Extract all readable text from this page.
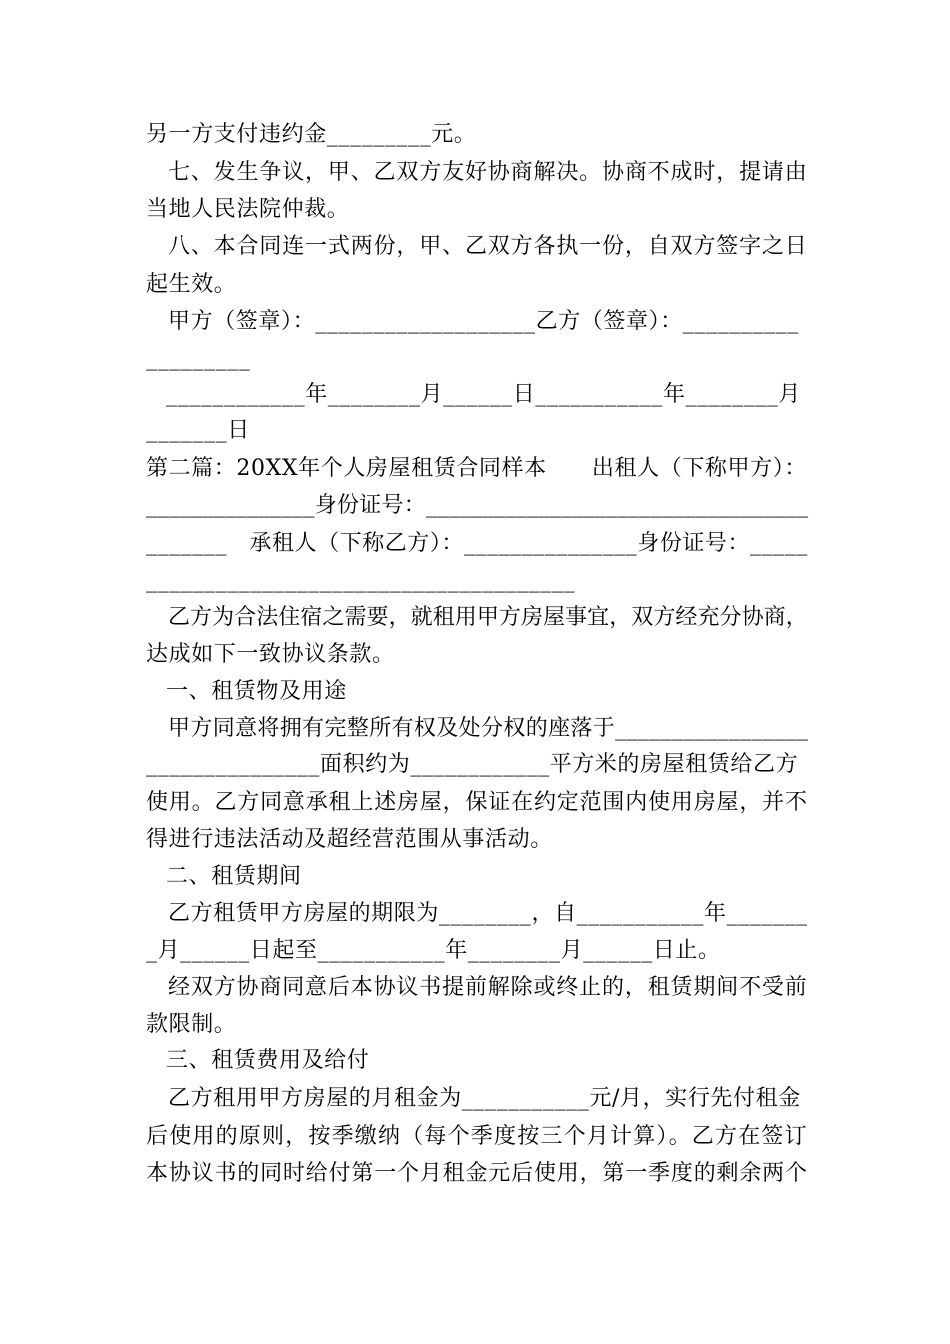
另一方支付违约金_________元。
七、发生争议，甲、乙双方友好协商解决。协商不成时，提请由
当地人民法院仲裁。
八、本合同连一式两份，甲、乙双方各执一份，自双方签字之日
起生效。
甲方（签章）：___________________乙方（签章）：__________
_________
____________年________月______日___________年________月
_______日
第二篇：20XX年个人房屋租赁合同样本　　出租人（下称甲方）：
_______________身份证号：__________________________________
_______　承租人（下称乙方）：_______________身份证号：_____
_____________________________________
乙方为合法住宿之需要，就租用甲方房屋事宜，双方经充分协商，
达成如下一致协议条款。
一、租赁物及用途
甲方同意将拥有完整所有权及处分权的座落于_________________
_______________面积约为____________平方米的房屋租赁给乙方
使用。乙方同意承租上述房屋，保证在约定范围内使用房屋，并不
得进行违法活动及超经营范围从事活动。
二、租赁期间
乙方租赁甲方房屋的期限为________，自___________年_______
_月______日起至___________年________月______日止。
经双方协商同意后本协议书提前解除或终止的，租赁期间不受前
款限制。
三、租赁费用及给付
乙方租用甲方房屋的月租金为___________元/月，实行先付租金
后使用的原则，按季缴纳（每个季度按三个月计算）。乙方在签订
本协议书的同时给付第一个月租金元后使用，第一季度的剩余两个
